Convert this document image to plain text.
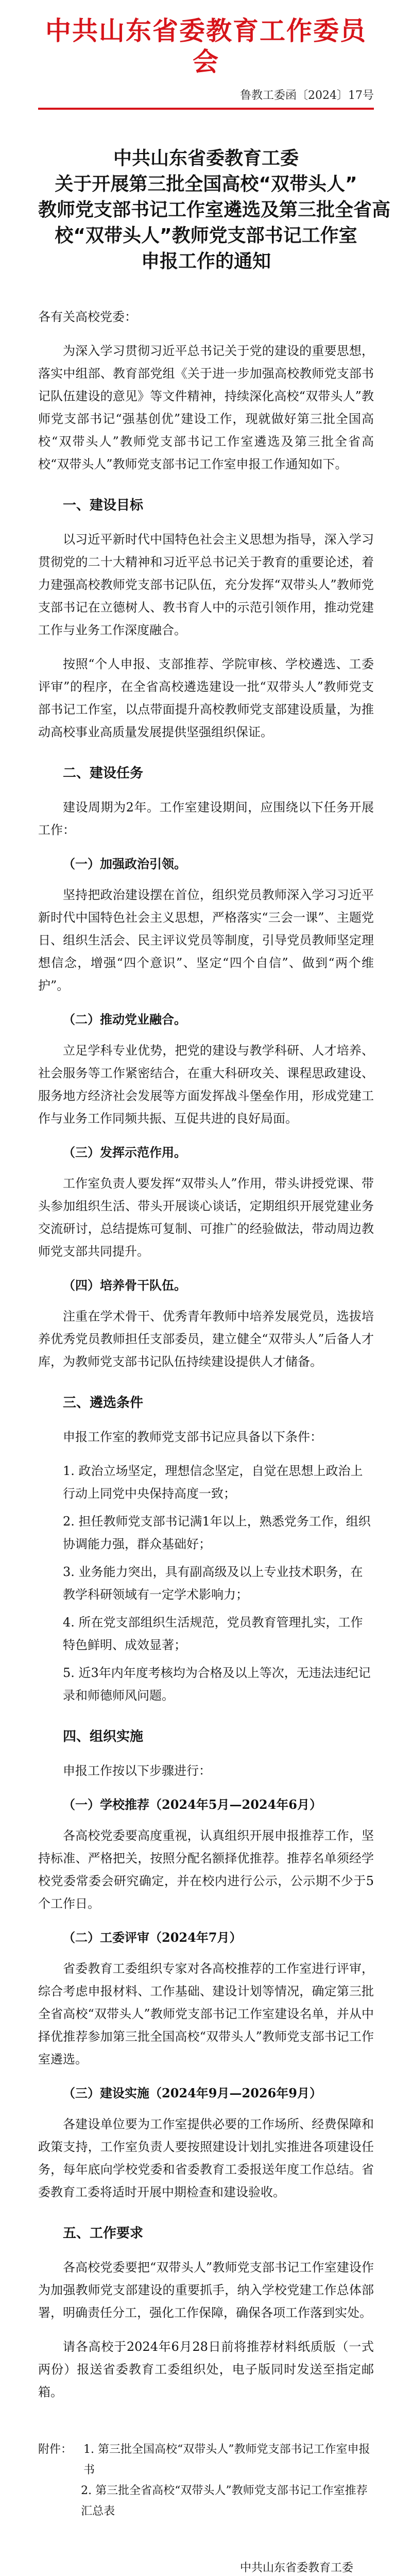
中共山东省委教育工作委员会
鲁教工委函〔2024〕17号
中共山东省委教育工委
关于开展第三批全国高校“双带头人”
教师党支部书记工作室遴选及第三批全省高
校“双带头人”教师党支部书记工作室
申报工作的通知

各有关高校党委：

为深入学习贯彻习近平总书记关于党的建设的重要思想，落实中组部、教育部党组《关于进一步加强高校教师党支部书记队伍建设的意见》等文件精神，持续深化高校“双带头人”教师党支部书记“强基创优”建设工作，现就做好第三批全国高校“双带头人”教师党支部书记工作室遴选及第三批全省高校“双带头人”教师党支部书记工作室申报工作通知如下。

一、建设目标

以习近平新时代中国特色社会主义思想为指导，深入学习贯彻党的二十大精神和习近平总书记关于教育的重要论述，着力建强高校教师党支部书记队伍，充分发挥“双带头人”教师党支部书记在立德树人、教书育人中的示范引领作用，推动党建工作与业务工作深度融合。

按照“个人申报、支部推荐、学院审核、学校遴选、工委评审”的程序，在全省高校遴选建设一批“双带头人”教师党支部书记工作室，以点带面提升高校教师党支部建设质量，为推动高校事业高质量发展提供坚强组织保证。

二、建设任务

建设周期为2年。工作室建设期间，应围绕以下任务开展工作：

（一）加强政治引领。

坚持把政治建设摆在首位，组织党员教师深入学习习近平新时代中国特色社会主义思想，严格落实“三会一课”、主题党日、组织生活会、民主评议党员等制度，引导党员教师坚定理想信念，增强“四个意识”、坚定“四个自信”、做到“两个维护”。

（二）推动党业融合。

立足学科专业优势，把党的建设与教学科研、人才培养、社会服务等工作紧密结合，在重大科研攻关、课程思政建设、服务地方经济社会发展等方面发挥战斗堡垒作用，形成党建工作与业务工作同频共振、互促共进的良好局面。

（三）发挥示范作用。

工作室负责人要发挥“双带头人”作用，带头讲授党课、带头参加组织生活、带头开展谈心谈话，定期组织开展党建业务交流研讨，总结提炼可复制、可推广的经验做法，带动周边教师党支部共同提升。

（四）培养骨干队伍。

注重在学术骨干、优秀青年教师中培养发展党员，选拔培养优秀党员教师担任支部委员，建立健全“双带头人”后备人才库，为教师党支部书记队伍持续建设提供人才储备。

三、遴选条件

申报工作室的教师党支部书记应具备以下条件：

1. 政治立场坚定，理想信念坚定，自觉在思想上政治上行动上同党中央保持高度一致；
2. 担任教师党支部书记满1年以上，熟悉党务工作，组织协调能力强，群众基础好；
3. 业务能力突出，具有副高级及以上专业技术职务，在教学科研领域有一定学术影响力；
4. 所在党支部组织生活规范，党员教育管理扎实，工作特色鲜明、成效显著；
5. 近3年内年度考核均为合格及以上等次，无违法违纪记录和师德师风问题。
四、组织实施

申报工作按以下步骤进行：

（一）学校推荐（2024年5月—2024年6月）

各高校党委要高度重视，认真组织开展申报推荐工作，坚持标准、严格把关，按照分配名额择优推荐。推荐名单须经学校党委常委会研究确定，并在校内进行公示，公示期不少于5个工作日。

（二）工委评审（2024年7月）

省委教育工委组织专家对各高校推荐的工作室进行评审，综合考虑申报材料、工作基础、建设计划等情况，确定第三批全省高校“双带头人”教师党支部书记工作室建设名单，并从中择优推荐参加第三批全国高校“双带头人”教师党支部书记工作室遴选。

（三）建设实施（2024年9月—2026年9月）

各建设单位要为工作室提供必要的工作场所、经费保障和政策支持，工作室负责人要按照建设计划扎实推进各项建设任务，每年底向学校党委和省委教育工委报送年度工作总结。省委教育工委将适时开展中期检查和建设验收。

五、工作要求

各高校党委要把“双带头人”教师党支部书记工作室建设作为加强教师党支部建设的重要抓手，纳入学校党建工作总体部署，明确责任分工，强化工作保障，确保各项工作落到实处。

请各高校于2024年6月28日前将推荐材料纸质版（一式两份）报送省委教育工委组织处，电子版同时发送至指定邮箱。

附件： 1. 第三批全国高校“双带头人”教师党支部书记工作室申报书
2. 第三批全省高校“双带头人”教师党支部书记工作室推荐汇总表
中共山东省委教育工委
